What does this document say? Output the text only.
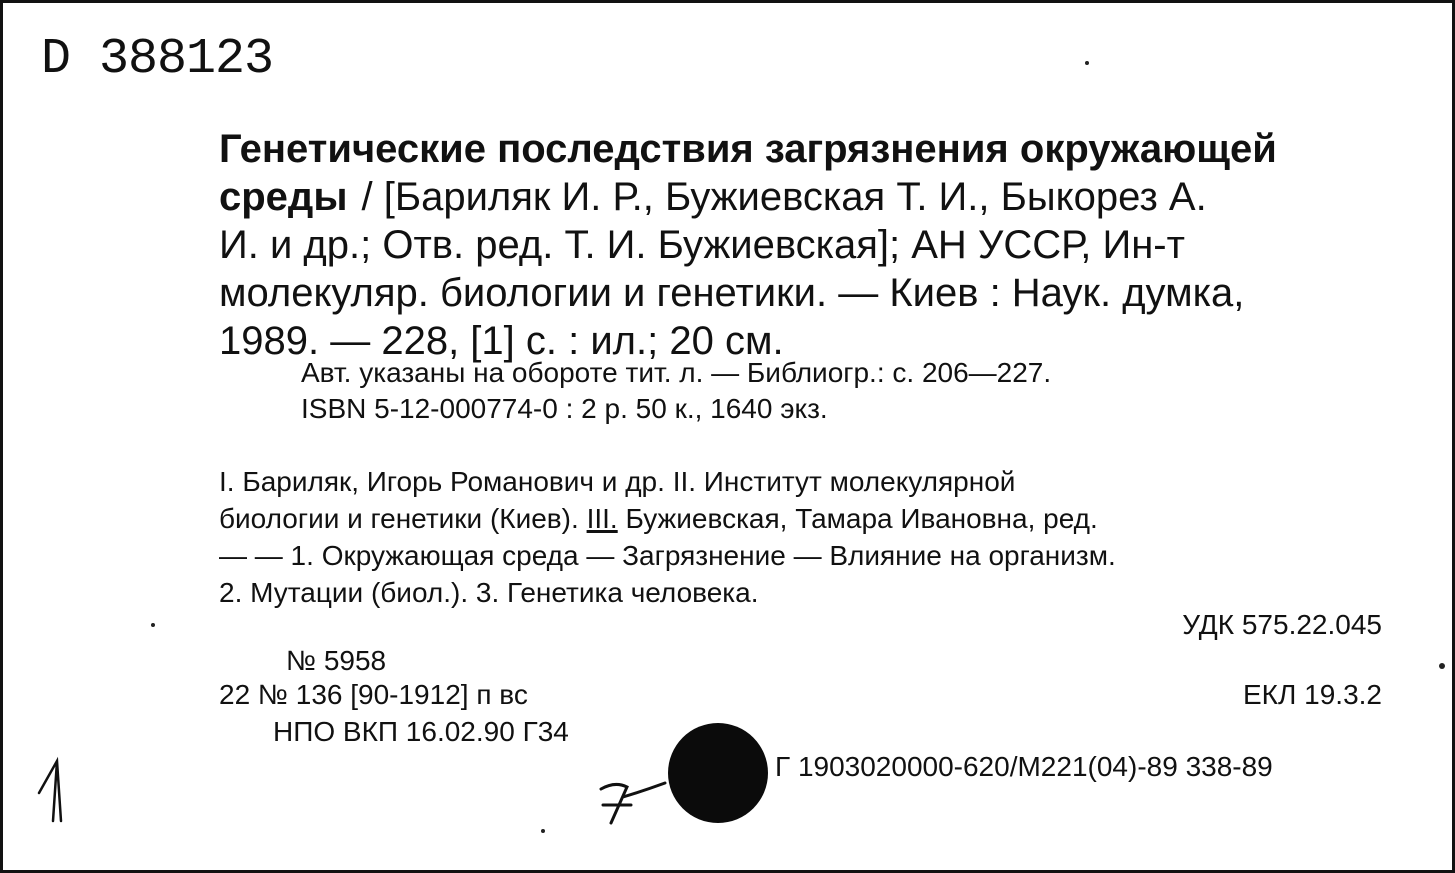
D 388123
Генетические последствия загрязнения окружающей
среды / [Бариляк И. Р., Бужиевская Т. И., Быкорез А.
И. и др.; Отв. ред. Т. И. Бужиевская]; АН УССР, Ин-т
молекуляр. биологии и генетики. — Киев : Наук. думка,
1989. — 228, [1] с. : ил.; 20 см.
Авт. указаны на обороте тит. л. — Библиогр.: с. 206—227.
ISBN 5-12-000774-0 : 2 р. 50 к., 1640 экз.
I. Бариляк, Игорь Романович и др. II. Институт молекулярной
биологии и генетики (Киев). III. Бужиевская, Тамара Ивановна, ред.
— — 1. Окружающая среда — Загрязнение — Влияние на организм.
2. Мутации (биол.). 3. Генетика человека.
УДК 575.22.045
№ 5958
22 № 136 [90-1912] п вс
НПО ВКП 16.02.90 Г34
ЕКЛ 19.3.2
Г 1903020000-620/М221(04)-89 338-89
